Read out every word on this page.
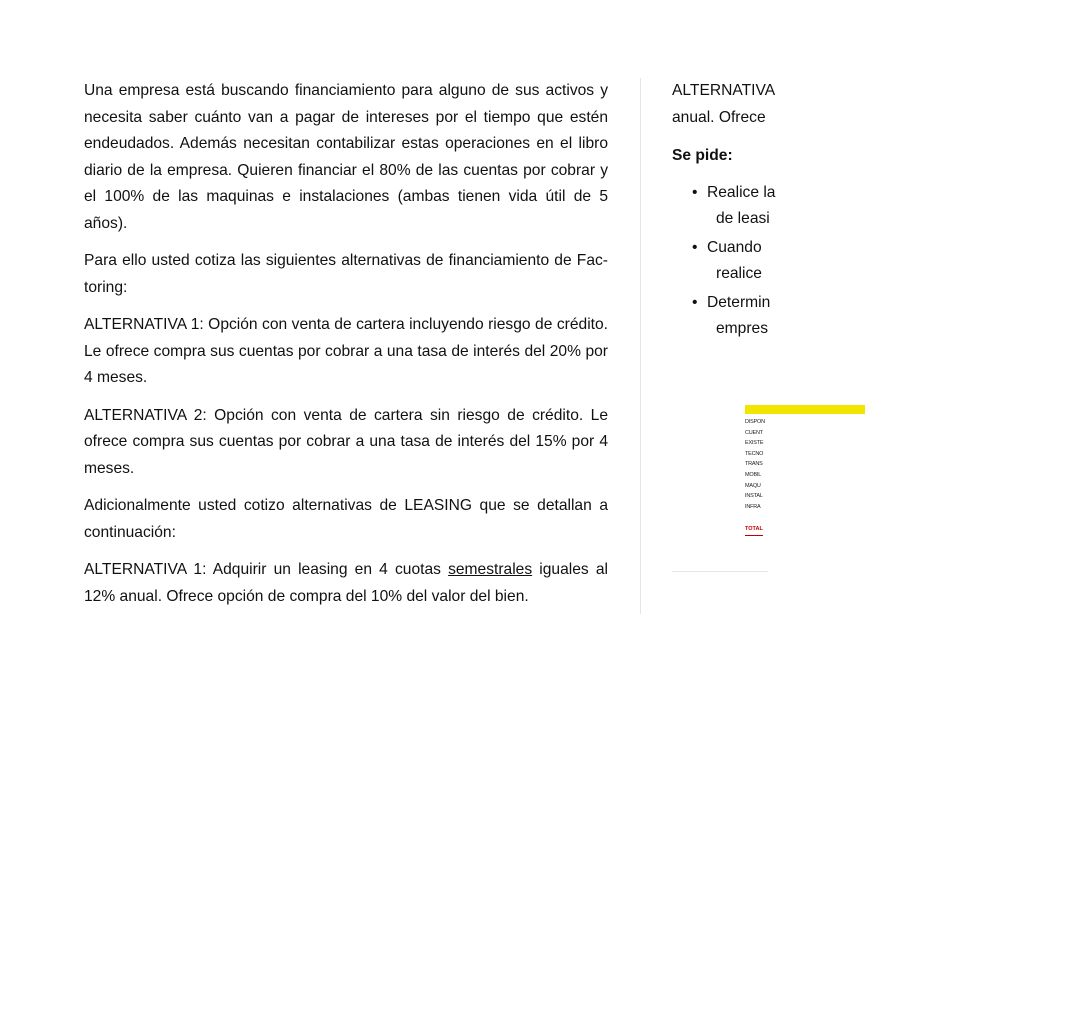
Una empresa está buscando financiamiento para alguno de sus activos y necesita saber cuánto van a pagar de intereses por el tiempo que estén endeudados. Además necesitan contabilizar estas operaciones en el libro diario de la empresa. Quieren financiar el 80% de las cuentas por cobrar y el 100% de las maquinas e instalaciones (ambas tienen vida útil de 5 años).

Para ello usted cotiza las siguientes alternativas de financiamiento de Fac-toring:

ALTERNATIVA 1: Opción con venta de cartera incluyendo riesgo de crédito. Le ofrece compra sus cuentas por cobrar a una tasa de interés del 20% por 4 meses.

ALTERNATIVA 2: Opción con venta de cartera sin riesgo de crédito. Le ofrece compra sus cuentas por cobrar a una tasa de interés del 15% por 4 meses.

Adicionalmente usted cotizo alternativas de LEASING que se detallan a continuación:

ALTERNATIVA 1: Adquirir un leasing en 4 cuotas semestrales iguales al 12% anual. Ofrece opción de compra del 10% del valor del bien.

ALTERNATIVA
anual. Ofrece

Se pide:
• Realice la
de leasi
• Cuando
realice
• Determin
empres
DISPON
CUENT
EXISTE
TECNO
TRANS
MOBIL
MAQU
INSTAL
INFRA
TOTAL
